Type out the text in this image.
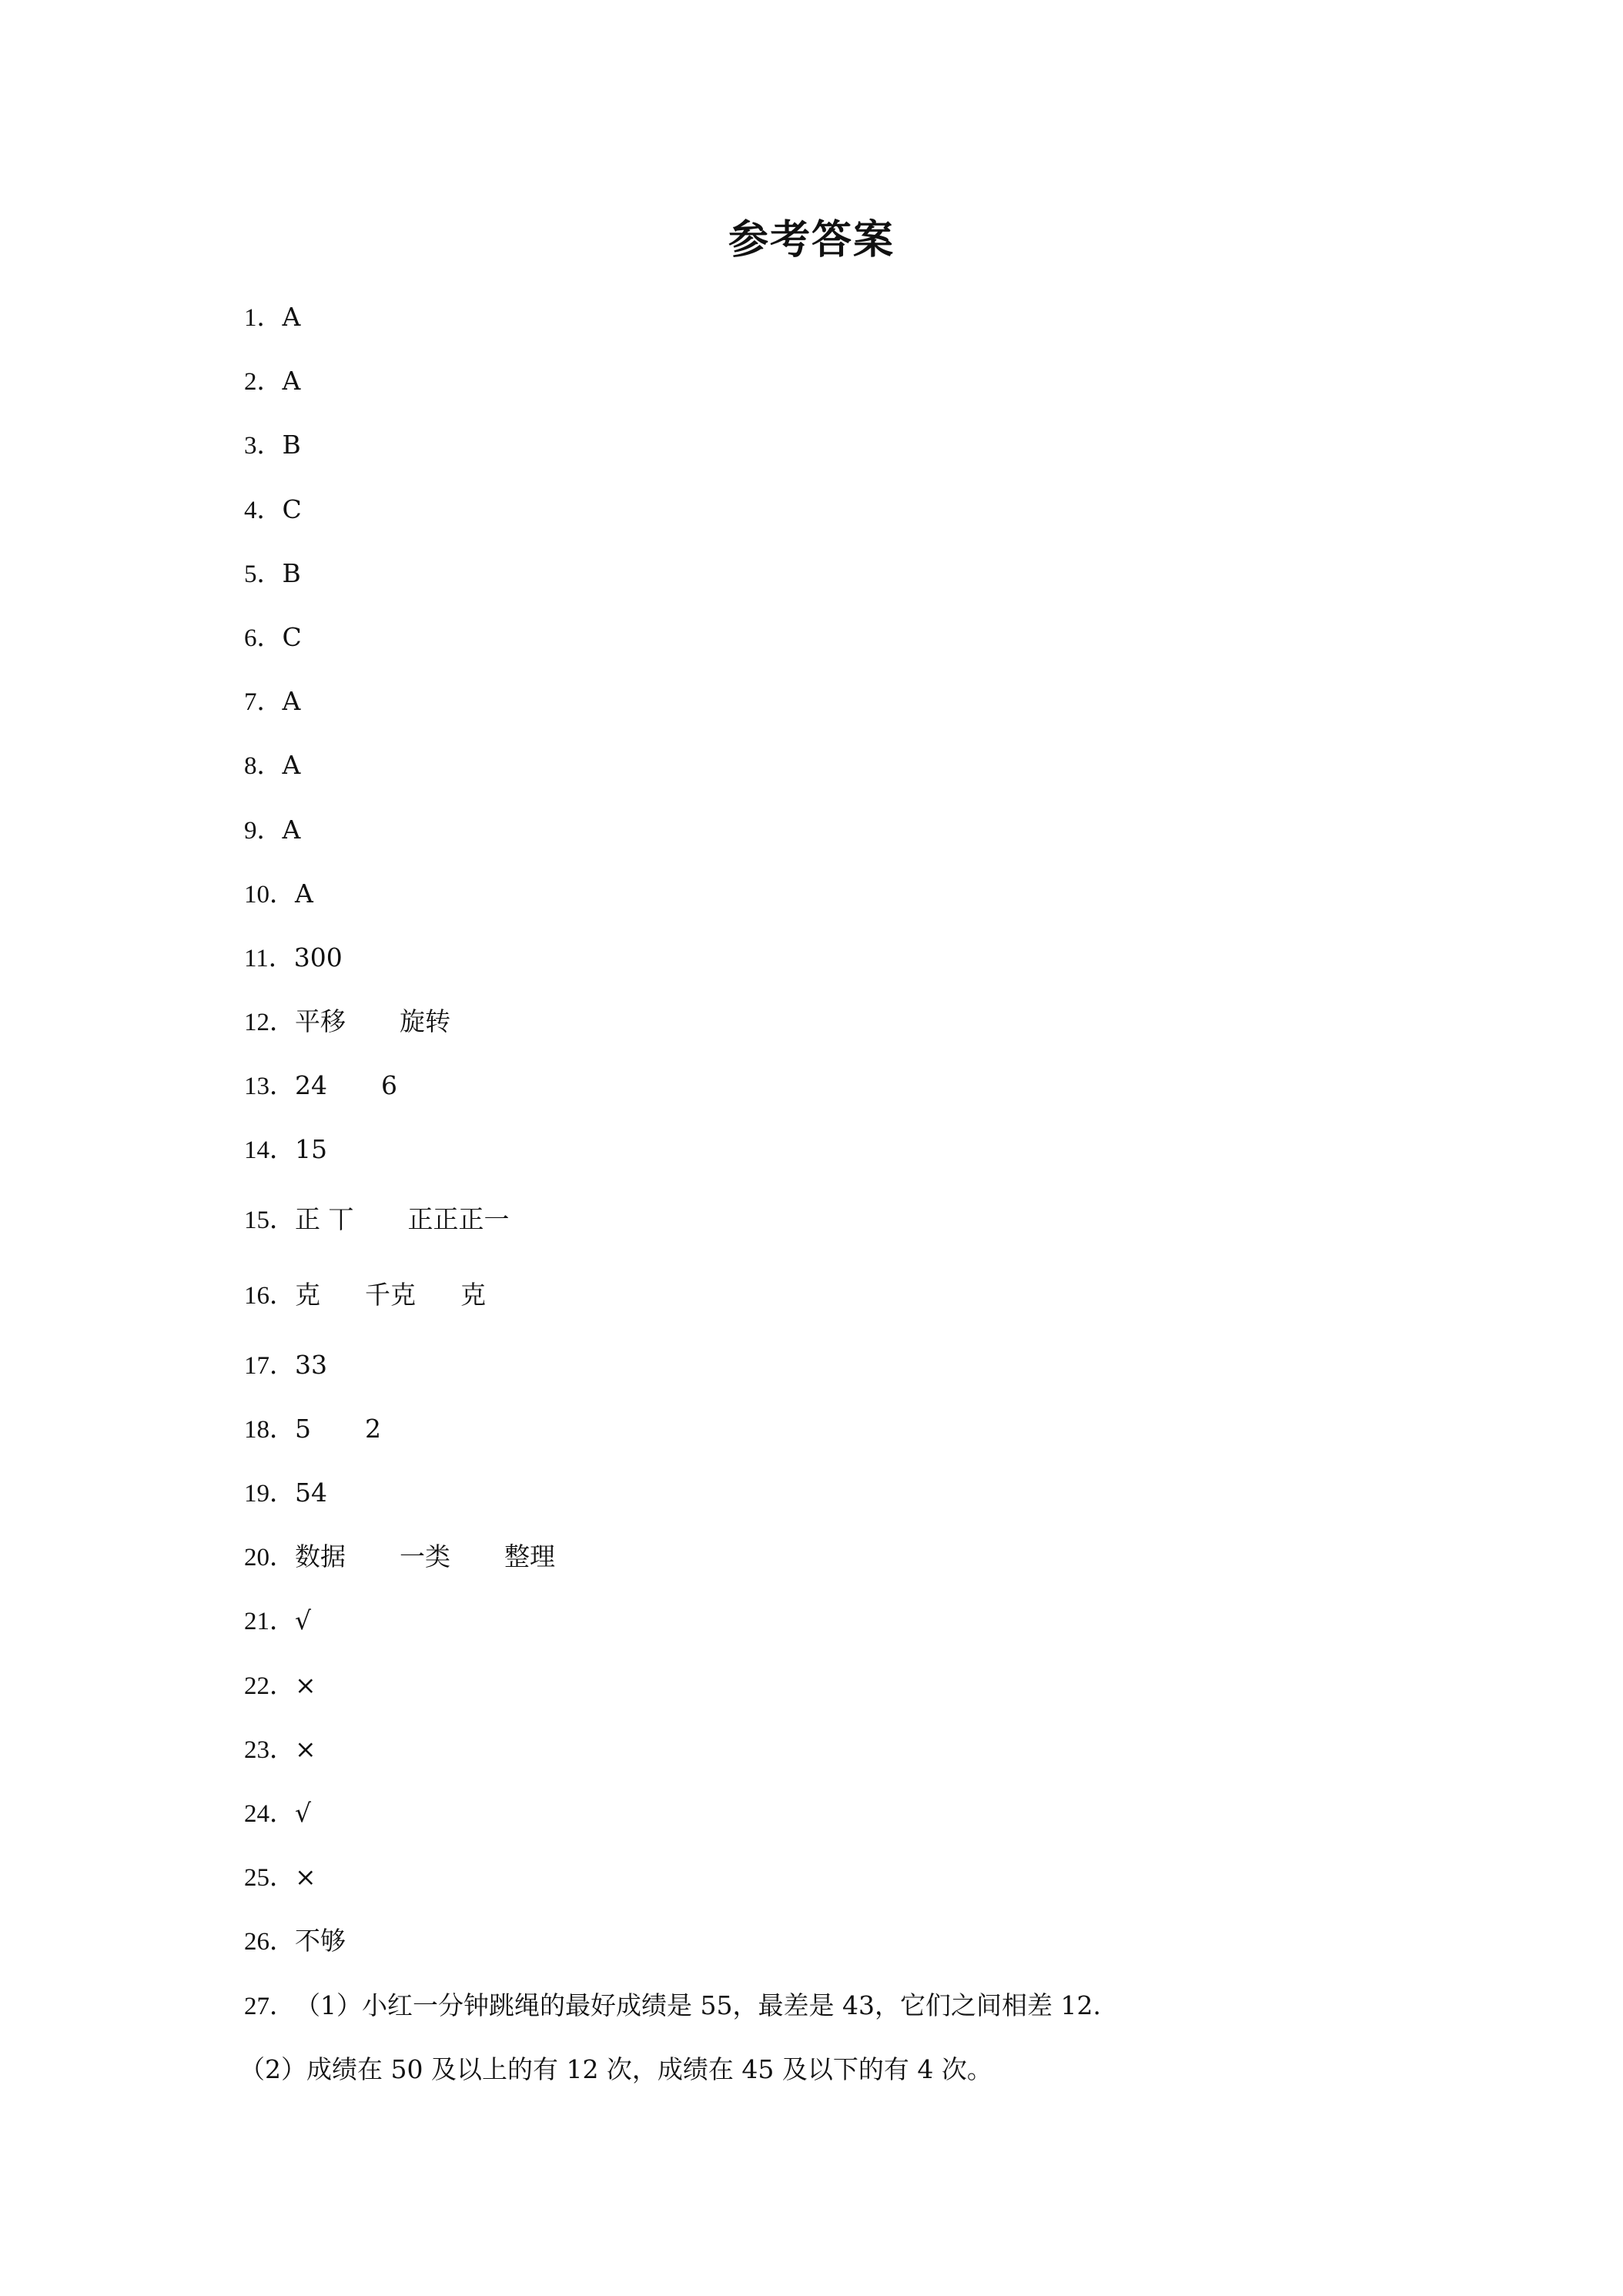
参考答案
1．A
2．A
3．B
4．C
5．B
6．C
7．A
8．A
9．A
10．A
11．300
12．平移 旋转
13．24 6
14．15
15．正 丅 正正正一
16．克 千克 克
17．33
18．5 2
19．54
20．数据 一类 整理
21．√
22．×
23．×
24．√
25．×
26．不够
27．（1）小红一分钟跳绳的最好成绩是 55，最差是 43，它们之间相差 12.
（2）成绩在 50 及以上的有 12 次，成绩在 45 及以下的有 4 次。
